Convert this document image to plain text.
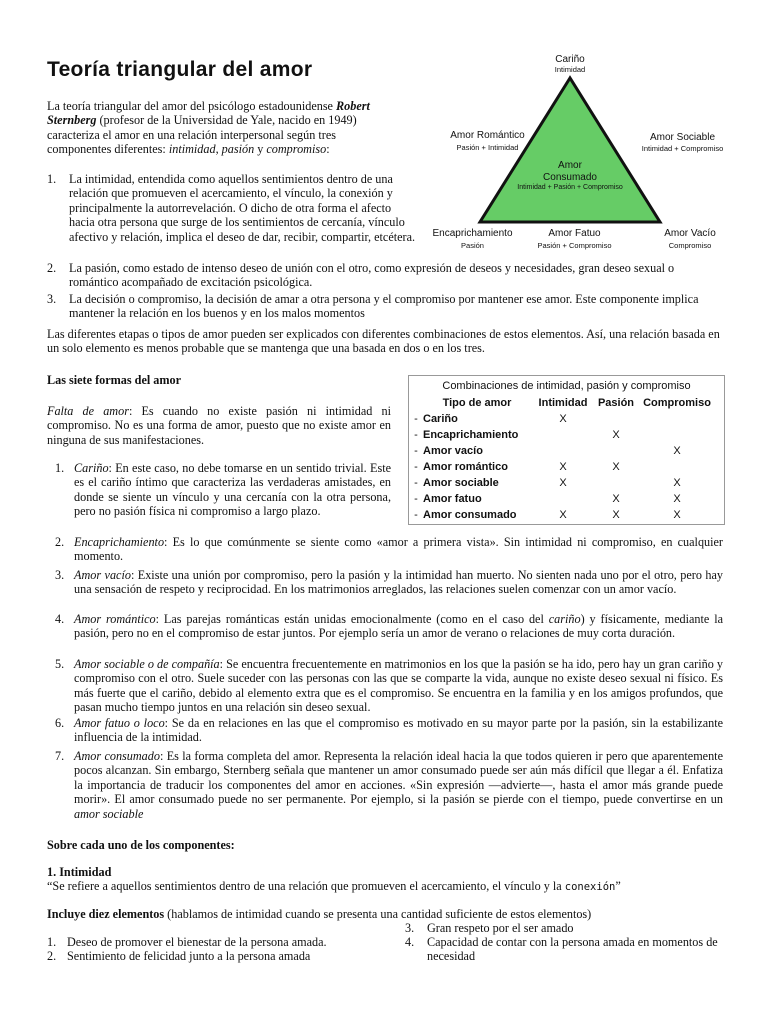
Teoría triangular del amor
La teoría triangular del amor del psicólogo estadounidense Robert Sternberg (profesor de la Universidad de Yale, nacido en 1949) caracteriza el amor en una relación interpersonal según tres componentes diferentes: intimidad, pasión y compromiso:
1. La intimidad, entendida como aquellos sentimientos dentro de una relación que promueven el acercamiento, el vínculo, la conexión y principalmente la autorrevelación. O dicho de otra forma el afecto hacia otra persona que surge de los sentimientos de cercanía, vínculo afectivo y relación, implica el deseo de dar, recibir, compartir, etcétera.
2. La pasión, como estado de intenso deseo de unión con el otro, como expresión de deseos y necesidades, gran deseo sexual o romántico acompañado de excitación psicológica.
3. La decisión o compromiso, la decisión de amar a otra persona y el compromiso por mantener ese amor. Este componente implica mantener la relación en los buenos y en los malos momentos
Las diferentes etapas o tipos de amor pueden ser explicados con diferentes combinaciones de estos elementos. Así, una relación basada en un solo elemento es menos probable que se mantenga que una basada en dos o en los tres.
Cariño
Intimidad
Amor Romántico
Pasión + Intimidad
Amor Sociable
Intimidad + Compromiso
Amor
Consumado
Intimidad + Pasión + Compromiso
Encaprichamiento
Pasión
Amor Fatuo
Pasión + Compromiso
Amor Vacío
Compromiso
Las siete formas del amor
Falta de amor: Es cuando no existe pasión ni intimidad ni compromiso. No es una forma de amor, puesto que no existe amor en ninguna de sus manifestaciones.
1. Cariño: En este caso, no debe tomarse en un sentido trivial. Este es el cariño íntimo que caracteriza las verdaderas amistades, en donde se siente un vínculo y una cercanía con la otra persona, pero no pasión física ni compromiso a largo plazo.
2. Encaprichamiento: Es lo que comúnmente se siente como «amor a primera vista». Sin intimidad ni compromiso, en cualquier momento.
3. Amor vacío: Existe una unión por compromiso, pero la pasión y la intimidad han muerto. No sienten nada uno por el otro, pero hay una sensación de respeto y reciprocidad. En los matrimonios arreglados, las relaciones suelen comenzar con un amor vacío.
4. Amor romántico: Las parejas románticas están unidas emocionalmente (como en el caso del cariño) y físicamente, mediante la pasión, pero no en el compromiso de estar juntos. Por ejemplo sería un amor de verano o relaciones de muy corta duración.
5. Amor sociable o de compañía: Se encuentra frecuentemente en matrimonios en los que la pasión se ha ido, pero hay un gran cariño y compromiso con el otro. Suele suceder con las personas con las que se comparte la vida, aunque no existe deseo sexual ni físico. Es más fuerte que el cariño, debido al elemento extra que es el compromiso. Se encuentra en la familia y en los amigos profundos, que pasan mucho tiempo juntos en una relación sin deseo sexual.
6. Amor fatuo o loco: Se da en relaciones en las que el compromiso es motivado en su mayor parte por la pasión, sin la estabilizante influencia de la intimidad.
7. Amor consumado: Es la forma completa del amor. Representa la relación ideal hacia la que todos quieren ir pero que aparentemente pocos alcanzan. Sin embargo, Sternberg señala que mantener un amor consumado puede ser aún más difícil que llegar a él. Enfatiza la importancia de traducir los componentes del amor en acciones. «Sin expresión —advierte—, hasta el amor más grande puede morir». El amor consumado puede no ser permanente. Por ejemplo, si la pasión se pierde con el tiempo, puede convertirse en un amor sociable
Combinaciones de intimidad, pasión y compromiso
	Tipo de amor	Intimidad	Pasión	Compromiso
-	Cariño	X		
-	Encaprichamiento		X	
-	Amor vacío			X
-	Amor romántico	X	X	
-	Amor sociable	X		X
-	Amor fatuo		X	X
-	Amor consumado	X	X	X
Sobre cada uno de los componentes:
1. Intimidad
“Se refiere a aquellos sentimientos dentro de una relación que promueven el acercamiento, el vínculo y la conexión”
Incluye diez elementos (hablamos de intimidad cuando se presenta una cantidad suficiente de estos elementos)
1. Deseo de promover el bienestar de la persona amada.
2. Sentimiento de felicidad junto a la persona amada
3. Gran respeto por el ser amado
4. Capacidad de contar con la persona amada en momentos de necesidad
